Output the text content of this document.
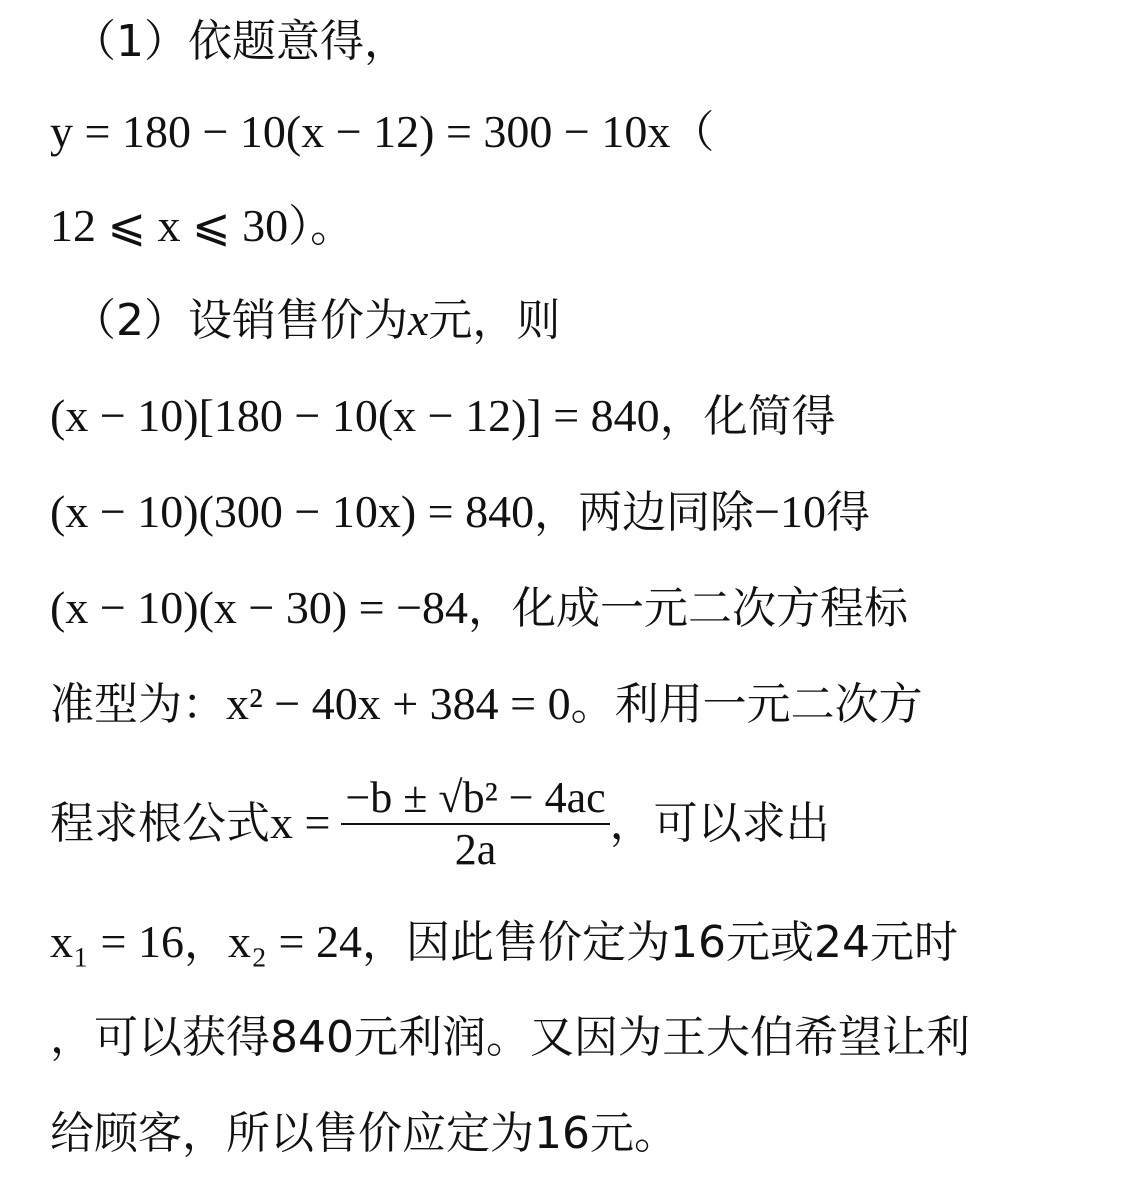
（1）依题意得，
y = 180 − 10(x − 12) = 300 − 10x（
12 ⩽ x ⩽ 30）。
（2）设销售价为x元，则
(x − 10)[180 − 10(x − 12)] = 840，化简得
(x − 10)(300 − 10x) = 840，两边同除−10得
(x − 10)(x − 30) = −84，化成一元二次方程标
准型为：x² − 40x + 384 = 0。利用一元二次方
程求根公式$x = \frac{\text{−b ± √b² − 4ac}}{2a}$ ，可以求出
x₁ = 16，x₂ = 24，因此售价定为16元或24元时
，可以获得840元利润。又因为王大伯希望让利
给顾客，所以售价应定为16元。
